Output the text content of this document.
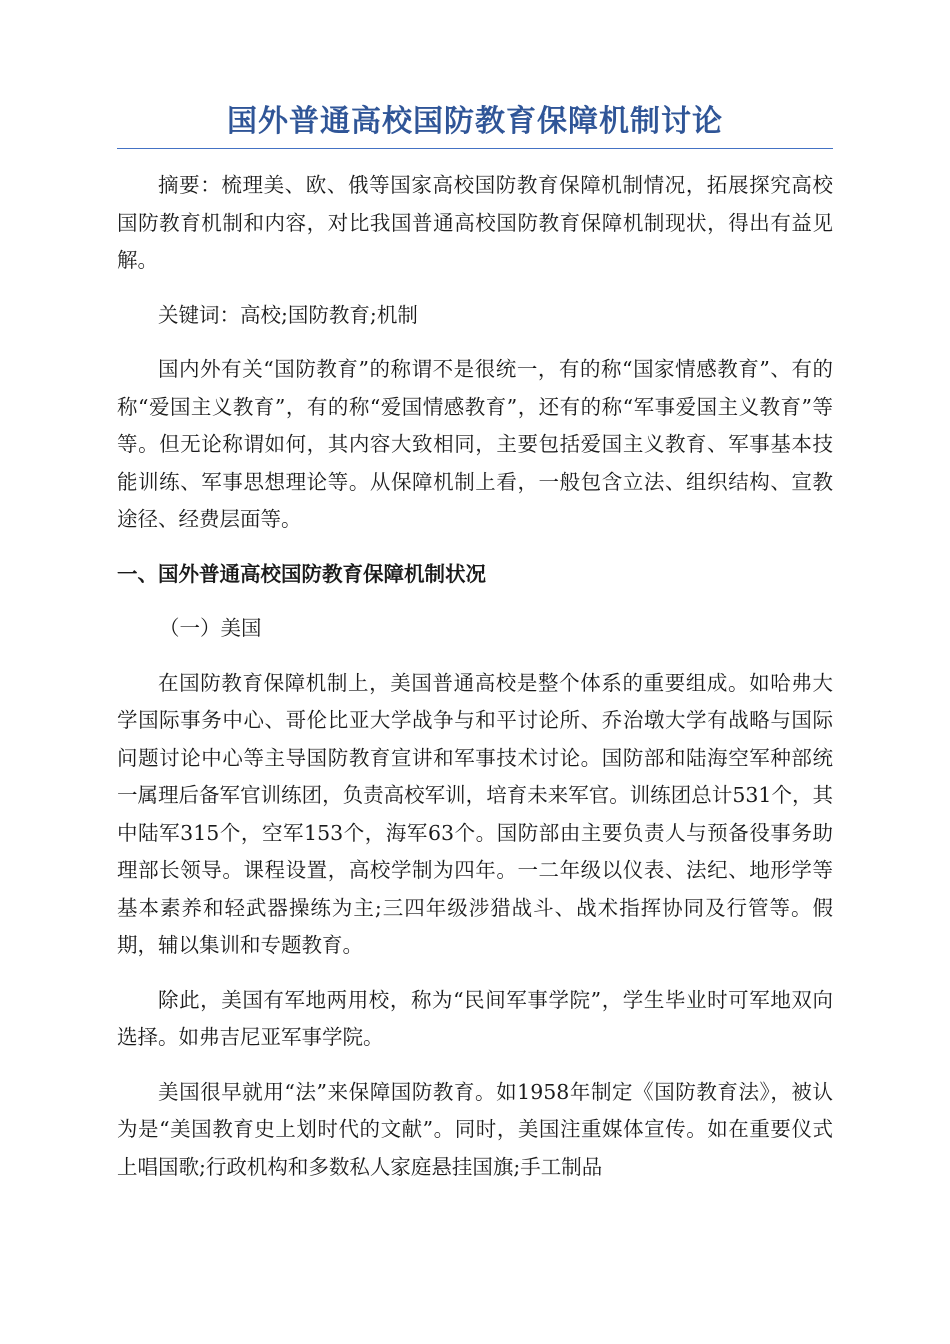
国外普通高校国防教育保障机制讨论

摘要：梳理美、欧、俄等国家高校国防教育保障机制情况，拓展探究高校国防教育机制和内容，对比我国普通高校国防教育保障机制现状，得出有益见解。

关键词：高校;国防教育;机制

国内外有关“国防教育”的称谓不是很统一，有的称“国家情感教育”、有的称“爱国主义教育”，有的称“爱国情感教育”，还有的称“军事爱国主义教育”等等。但无论称谓如何，其内容大致相同，主要包括爱国主义教育、军事基本技能训练、军事思想理论等。从保障机制上看，一般包含立法、组织结构、宣教途径、经费层面等。

一、国外普通高校国防教育保障机制状况
（一）美国

在国防教育保障机制上，美国普通高校是整个体系的重要组成。如哈弗大学国际事务中心、哥伦比亚大学战争与和平讨论所、乔治墩大学有战略与国际问题讨论中心等主导国防教育宣讲和军事技术讨论。国防部和陆海空军种部统一属理后备军官训练团，负责高校军训，培育未来军官。训练团总计531个，其中陆军315个，空军153个，海军63个。国防部由主要负责人与预备役事务助理部长领导。课程设置，高校学制为四年。一二年级以仪表、法纪、地形学等基本素养和轻武器操练为主;三四年级涉猎战斗、战术指挥协同及行管等。假期，辅以集训和专题教育。

除此，美国有军地两用校，称为“民间军事学院”，学生毕业时可军地双向选择。如弗吉尼亚军事学院。

美国很早就用“法”来保障国防教育。如1958年制定《国防教育法》，被认为是“美国教育史上划时代的文献”。同时，美国注重媒体宣传。如在重要仪式上唱国歌;行政机构和多数私人家庭悬挂国旗;手工制品
